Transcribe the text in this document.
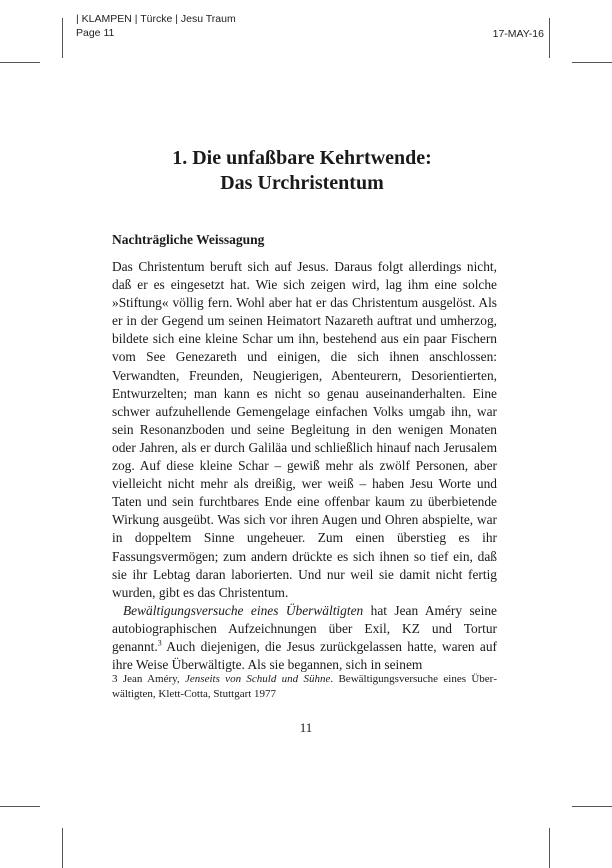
| KLAMPEN | Türcke | Jesu Traum
Page 11	17-MAY-16
1. Die unfaßbare Kehrtwende:
Das Urchristentum
Nachträgliche Weissagung

Das Christentum beruft sich auf Jesus. Daraus folgt allerdings nicht, daß er es eingesetzt hat. Wie sich zeigen wird, lag ihm eine solche »Stiftung« völlig fern. Wohl aber hat er das Christentum ausgelöst. Als er in der Gegend um seinen Heimatort Nazareth auftrat und umherzog, bildete sich eine kleine Schar um ihn, bestehend aus ein paar Fischern vom See Genezareth und einigen, die sich ihnen anschlossen: Verwandten, Freunden, Neugierigen, Abenteurern, Desorientierten, Entwurzelten; man kann es nicht so genau auseinanderhalten. Eine schwer aufzuhellende Gemengelage einfachen Volks umgab ihn, war sein Resonanzboden und seine Begleitung in den wenigen Monaten oder Jahren, als er durch Galiläa und schließlich hinauf nach Jerusalem zog. Auf diese kleine Schar – gewiß mehr als zwölf Personen, aber vielleicht nicht mehr als dreißig, wer weiß – haben Jesu Worte und Taten und sein furchtbares Ende eine offenbar kaum zu überbietende Wirkung ausgeübt. Was sich vor ihren Augen und Ohren abspielte, war in doppeltem Sinne ungeheuer. Zum einen überstieg es ihr Fassungsvermögen; zum andern drückte es sich ihnen so tief ein, daß sie ihr Lebtag daran laborierten. Und nur weil sie damit nicht fertig wurden, gibt es das Christentum.

Bewältigungsversuche eines Überwältigten hat Jean Améry seine autobiographischen Aufzeichnungen über Exil, KZ und Tortur genannt.$^3$ Auch diejenigen, die Jesus zurückgelassen hatte, waren auf ihre Weise Überwältigte. Als sie begannen, sich in seinem

3 Jean Améry, Jenseits von Schuld und Sühne. Bewältigungsversuche eines Überwältigten, Klett-Cotta, Stuttgart 1977

11
